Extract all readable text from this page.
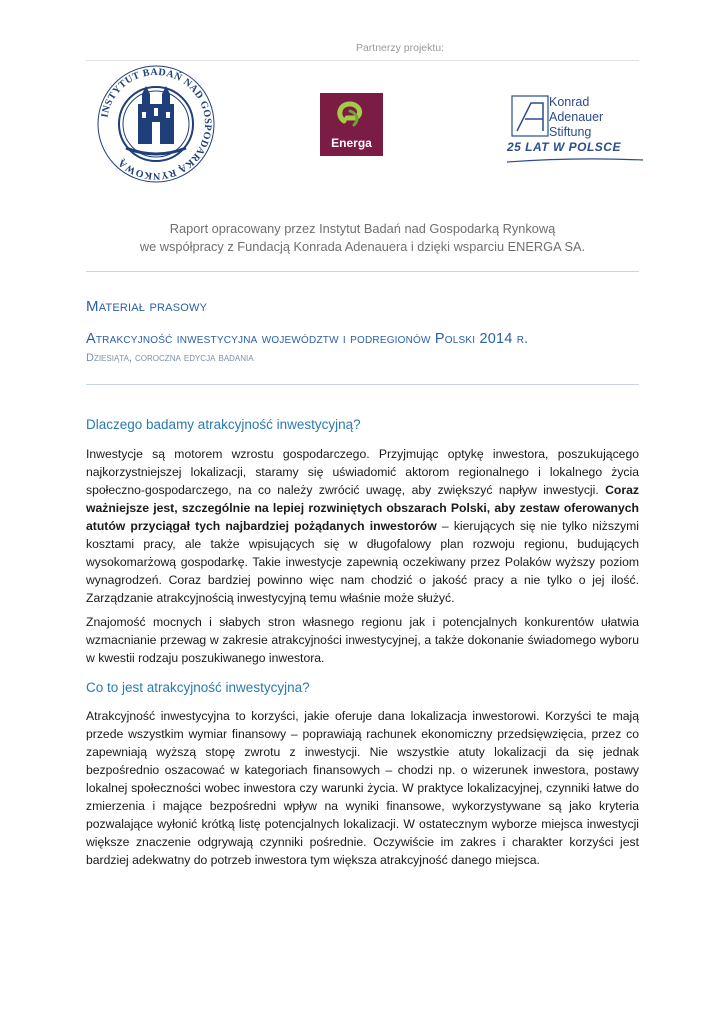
Partnerzy projektu:
INSTYTUT BADAŃ NAD GOSPODARKĄ RYNKOWĄ
Energa
Konrad
Adenauer
Stiftung
25 LAT W POLSCE
Raport opracowany przez Instytut Badań nad Gospodarką Rynkową
we współpracy z Fundacją Konrada Adenauera i dzięki wsparciu ENERGA SA.
Materiał prasowy
Atrakcyjność inwestycyjna województw i podregionów Polski 2014 r.
Dziesiąta, coroczna edycja badania
Dlaczego badamy atrakcyjność inwestycyjną?
Inwestycje są motorem wzrostu gospodarczego. Przyjmując optykę inwestora, poszukującego najkorzystniejszej lokalizacji, staramy się uświadomić aktorom regionalnego i lokalnego życia społeczno-gospodarczego, na co należy zwrócić uwagę, aby zwiększyć napływ inwestycji. Coraz ważniejsze jest, szczególnie na lepiej rozwiniętych obszarach Polski, aby zestaw oferowanych atutów przyciągał tych najbardziej pożądanych inwestorów – kierujących się nie tylko niższymi kosztami pracy, ale także wpisujących się w długofalowy plan rozwoju regionu, budujących wysokomarżową gospodarkę. Takie inwestycje zapewnią oczekiwany przez Polaków wyższy poziom wynagrodzeń. Coraz bardziej powinno więc nam chodzić o jakość pracy a nie tylko o jej ilość. Zarządzanie atrakcyjnością inwestycyjną temu właśnie może służyć.
Znajomość mocnych i słabych stron własnego regionu jak i potencjalnych konkurentów ułatwia wzmacnianie przewag w zakresie atrakcyjności inwestycyjnej, a także dokonanie świadomego wyboru w kwestii rodzaju poszukiwanego inwestora.
Co to jest atrakcyjność inwestycyjna?
Atrakcyjność inwestycyjna to korzyści, jakie oferuje dana lokalizacja inwestorowi. Korzyści te mają przede wszystkim wymiar finansowy – poprawiają rachunek ekonomiczny przedsięwzięcia, przez co zapewniają wyższą stopę zwrotu z inwestycji. Nie wszystkie atuty lokalizacji da się jednak bezpośrednio oszacować w kategoriach finansowych – chodzi np. o wizerunek inwestora, postawy lokalnej społeczności wobec inwestora czy warunki życia. W praktyce lokalizacyjnej, czynniki łatwe do zmierzenia i mające bezpośredni wpływ na wyniki finansowe, wykorzystywane są jako kryteria pozwalające wyłonić krótką listę potencjalnych lokalizacji. W ostatecznym wyborze miejsca inwestycji większe znaczenie odgrywają czynniki pośrednie. Oczywiście im zakres i charakter korzyści jest bardziej adekwatny do potrzeb inwestora tym większa atrakcyjność danego miejsca.
